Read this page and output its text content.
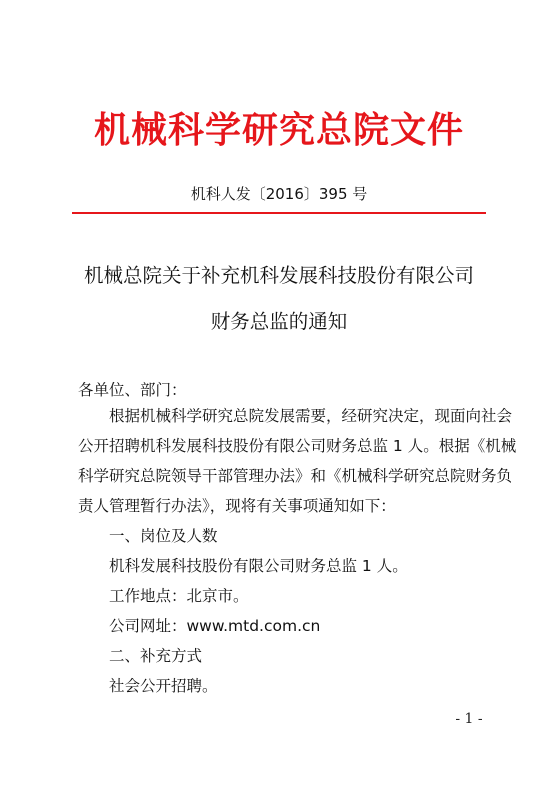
机械科学研究总院文件
机科人发〔2016〕395 号
机械总院关于补充机科发展科技股份有限公司
财务总监的通知
各单位、部门：
根据机械科学研究总院发展需要，经研究决定，现面向社会
公开招聘机科发展科技股份有限公司财务总监 1 人。根据《机械
科学研究总院领导干部管理办法》和《机械科学研究总院财务负
责人管理暂行办法》，现将有关事项通知如下：
一、岗位及人数
机科发展科技股份有限公司财务总监 1 人。
工作地点：北京市。
公司网址：www.mtd.com.cn
二、补充方式
社会公开招聘。
- 1 -
